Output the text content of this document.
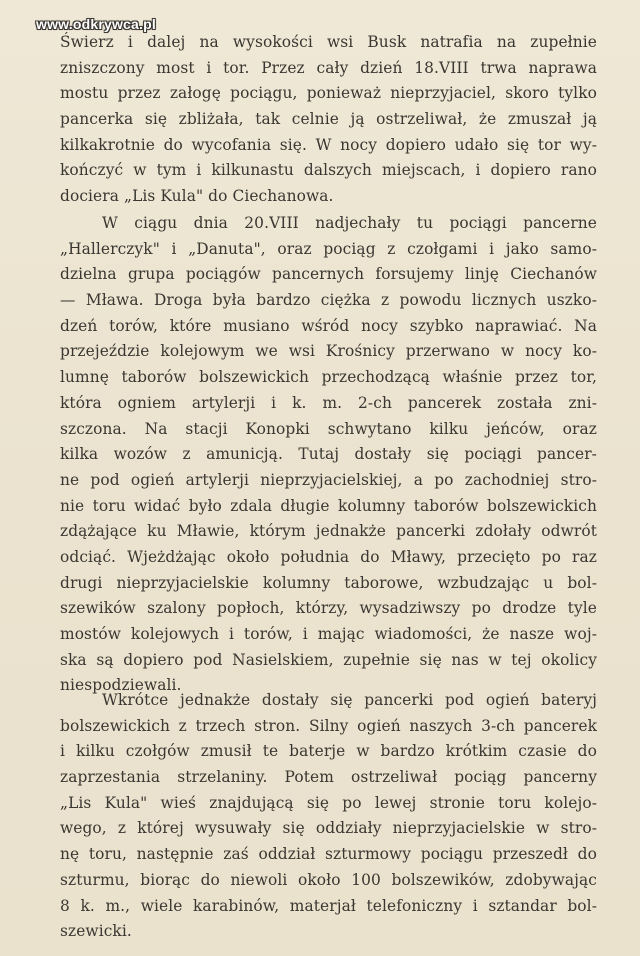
www.odkrywca.pl
Świerz i dalej na wysokości wsi Busk natrafia na zupełnie
zniszczony most i tor. Przez cały dzień 18.VIII trwa naprawa
mostu przez załogę pociągu, ponieważ nieprzyjaciel, skoro tylko
pancerka się zbliżała, tak celnie ją ostrzeliwał, że zmuszał ją
kilkakrotnie do wycofania się. W nocy dopiero udało się tor wy-
kończyć w tym i kilkunastu dalszych miejscach, i dopiero rano
dociera „Lis Kula" do Ciechanowa.
W ciągu dnia 20.VIII nadjechały tu pociągi pancerne
„Hallerczyk" i „Danuta", oraz pociąg z czołgami i jako samo-
dzielna grupa pociągów pancernych forsujemy linję Ciechanów
— Mława. Droga była bardzo ciężka z powodu licznych uszko-
dzeń torów, które musiano wśród nocy szybko naprawiać. Na
przejeździe kolejowym we wsi Krośnicy przerwano w nocy ko-
lumnę taborów bolszewickich przechodzącą właśnie przez tor,
która ogniem artylerji i k. m. 2-ch pancerek została zni-
szczona. Na stacji Konopki schwytano kilku jeńców, oraz
kilka wozów z amunicją. Tutaj dostały się pociągi pancer-
ne pod ogień artylerji nieprzyjacielskiej, a po zachodniej stro-
nie toru widać było zdala długie kolumny taborów bolszewickich
zdążające ku Mławie, którym jednakże pancerki zdołały odwrót
odciąć. Wjeżdżając około południa do Mławy, przecięto po raz
drugi nieprzyjacielskie kolumny taborowe, wzbudzając u bol-
szewików szalony popłoch, którzy, wysadziwszy po drodze tyle
mostów kolejowych i torów, i mając wiadomości, że nasze woj-
ska są dopiero pod Nasielskiem, zupełnie się nas w tej okolicy
niespodziewali.
Wkrótce jednakże dostały się pancerki pod ogień bateryj
bolszewickich z trzech stron. Silny ogień naszych 3-ch pancerek
i kilku czołgów zmusił te baterje w bardzo krótkim czasie do
zaprzestania strzelaniny. Potem ostrzeliwał pociąg pancerny
„Lis Kula" wieś znajdującą się po lewej stronie toru kolejo-
wego, z której wysuwały się oddziały nieprzyjacielskie w stro-
nę toru, następnie zaś oddział szturmowy pociągu przeszedł do
szturmu, biorąc do niewoli około 100 bolszewików, zdobywając
8 k. m., wiele karabinów, materjał telefoniczny i sztandar bol-
szewicki.
